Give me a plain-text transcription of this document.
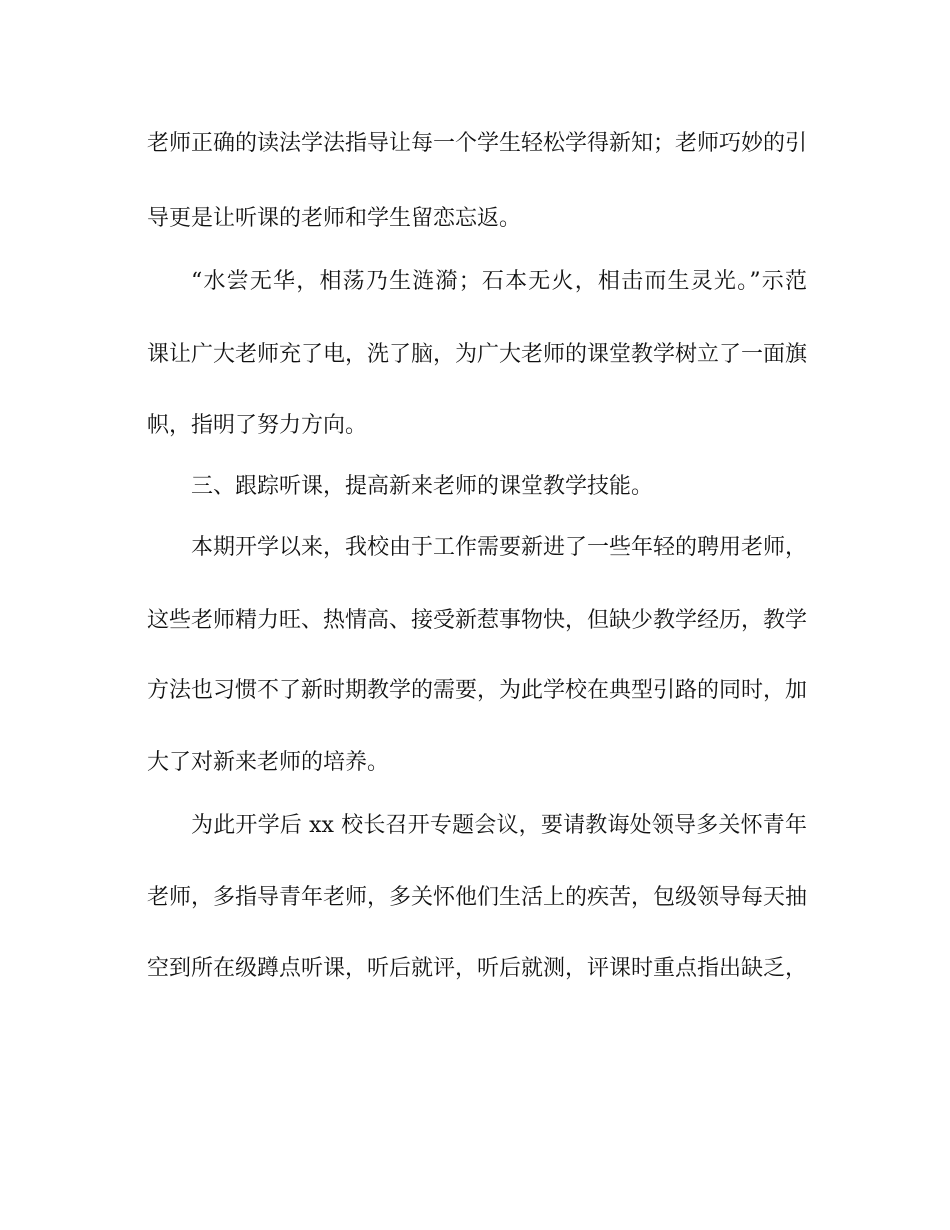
老师正确的读法学法指导让每一个学生轻松学得新知；老师巧妙的引
导更是让听课的老师和学生留恋忘返。
“水尝无华，相荡乃生涟漪；石本无火，相击而生灵光。”示范
课让广大老师充了电，洗了脑，为广大老师的课堂教学树立了一面旗
帜，指明了努力方向。
三、跟踪听课，提高新来老师的课堂教学技能。
本期开学以来，我校由于工作需要新进了一些年轻的聘用老师，
这些老师精力旺、热情高、接受新惹事物快，但缺少教学经历，教学
方法也习惯不了新时期教学的需要，为此学校在典型引路的同时，加
大了对新来老师的培养。
为此开学后 xx 校长召开专题会议，要请教诲处领导多关怀青年
老师，多指导青年老师，多关怀他们生活上的疾苦，包级领导每天抽
空到所在级蹲点听课，听后就评，听后就测，评课时重点指出缺乏，
